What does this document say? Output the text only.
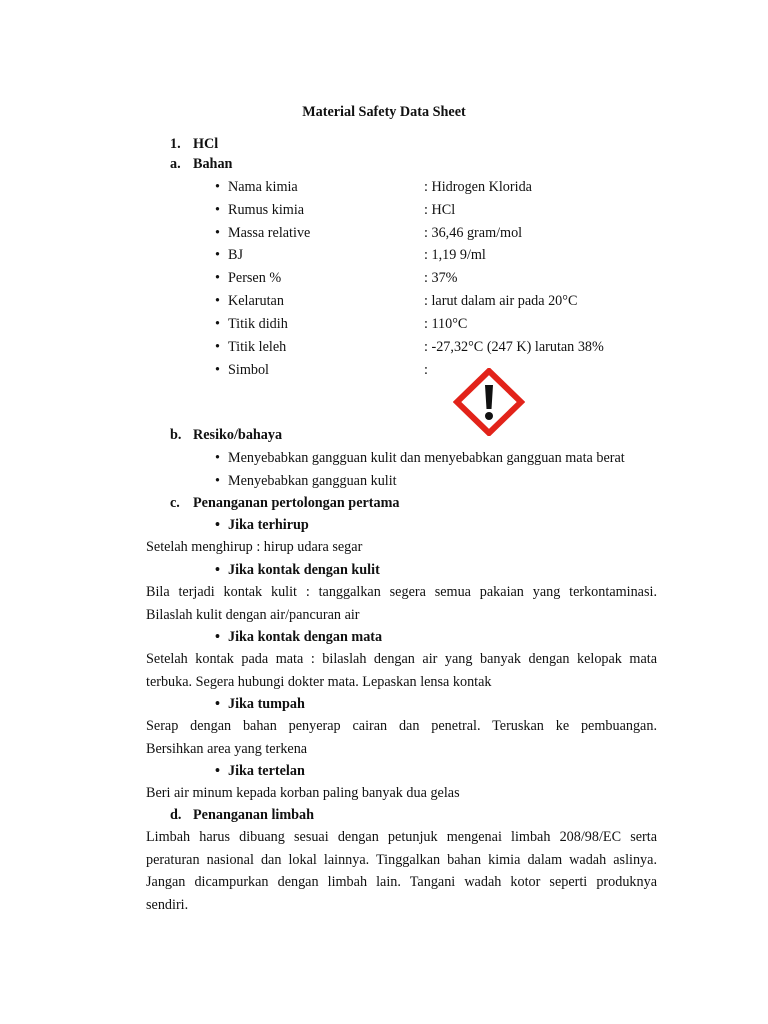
Material Safety Data Sheet
1. HCl
a. Bahan
• Nama kimia	: Hidrogen Klorida
• Rumus kimia	: HCl
• Massa relative	: 36,46 gram/mol
• BJ	: 1,19 9/ml
• Persen %	: 37%
• Kelarutan	: larut dalam air pada 20°C
• Titik didih	: 110°C
• Titik leleh	: -27,32°C (247 K) larutan 38%
• Simbol	:
b. Resiko/bahaya
• Menyebabkan gangguan kulit dan menyebabkan gangguan mata berat
• Menyebabkan gangguan kulit
c. Penanganan pertolongan pertama
• Jika terhirup
Setelah menghirup : hirup udara segar
• Jika kontak dengan kulit
Bila terjadi kontak kulit : tanggalkan segera semua pakaian yang terkontaminasi.
Bilaslah kulit dengan air/pancuran air
• Jika kontak dengan mata
Setelah kontak pada mata : bilaslah dengan air yang banyak dengan kelopak mata
terbuka. Segera hubungi dokter mata. Lepaskan lensa kontak
• Jika tumpah
Serap dengan bahan penyerap cairan dan penetral. Teruskan ke pembuangan.
Bersihkan area yang terkena
• Jika tertelan
Beri air minum kepada korban paling banyak dua gelas
d. Penanganan limbah
Limbah harus dibuang sesuai dengan petunjuk mengenai limbah 208/98/EC serta
peraturan nasional dan lokal lainnya. Tinggalkan bahan kimia dalam wadah aslinya.
Jangan dicampurkan dengan limbah lain. Tangani wadah kotor seperti produknya
sendiri.
